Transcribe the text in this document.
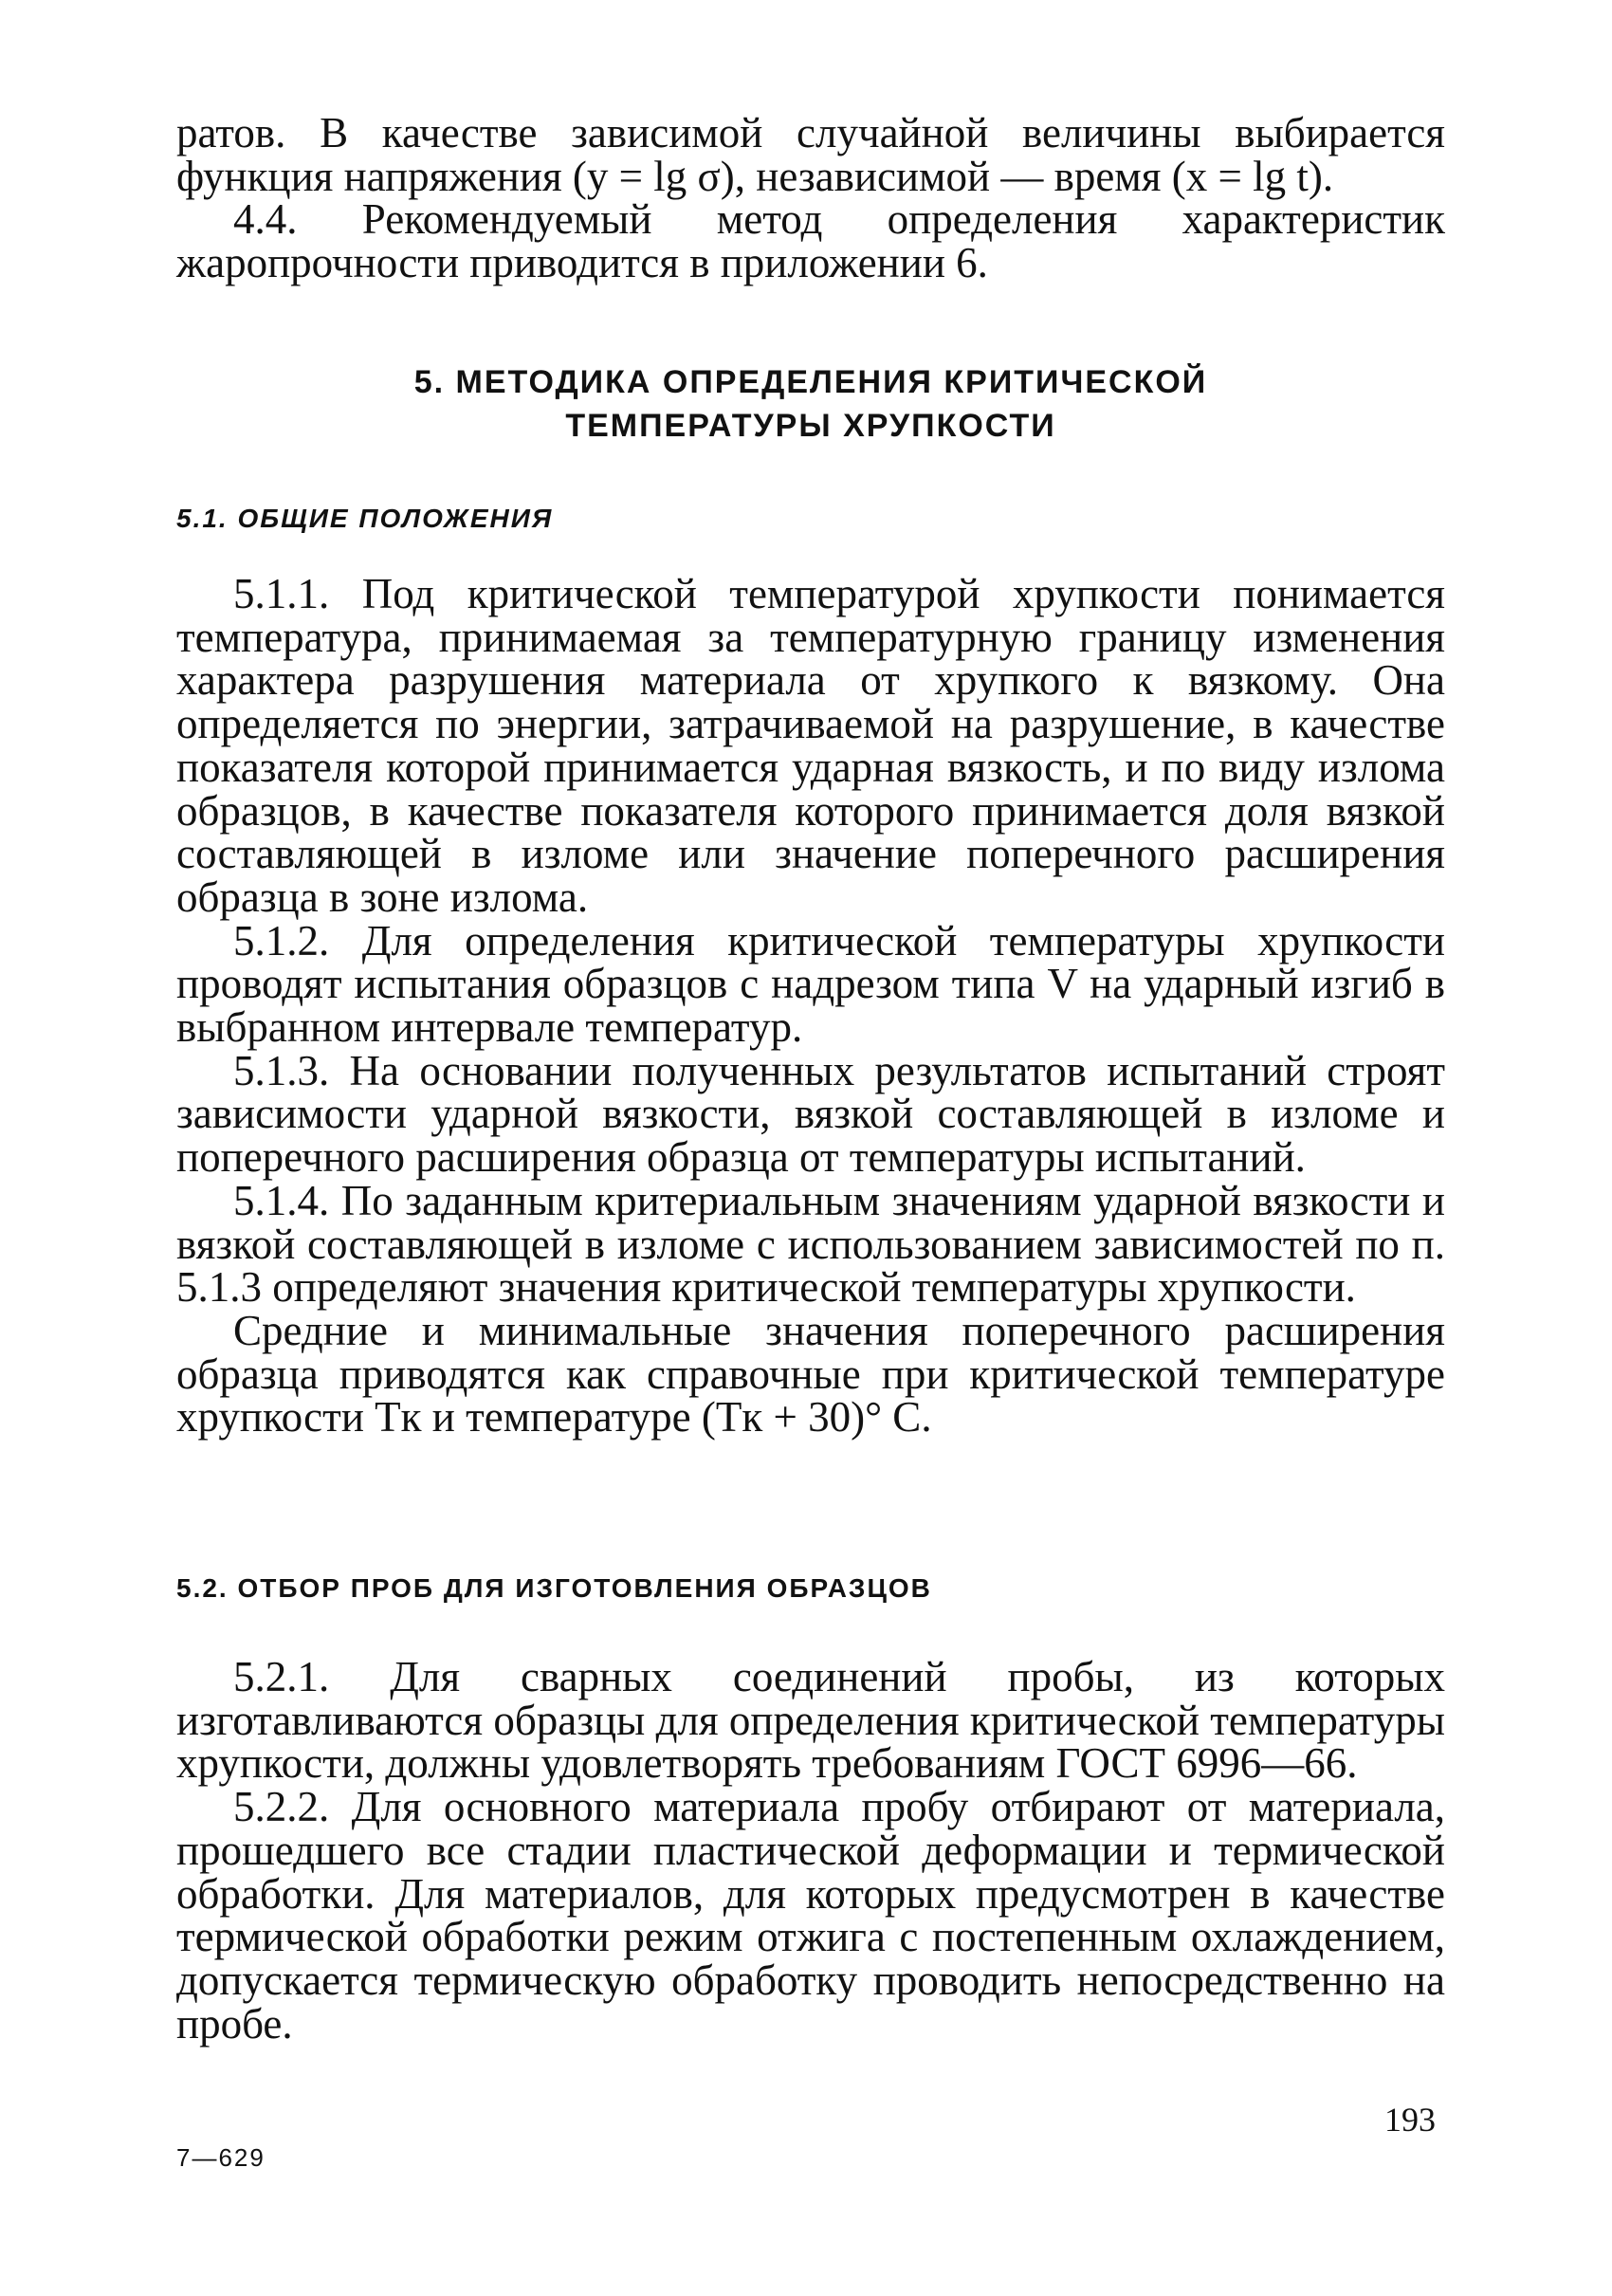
ратов. В качестве зависимой случайной величины выбирается функция напряжения (y = lg σ), независимой — время (x = lg t).

4.4. Рекомендуемый метод определения характеристик жаропрочности приводится в приложении 6.

5. МЕТОДИКА ОПРЕДЕЛЕНИЯ КРИТИЧЕСКОЙ

ТЕМПЕРАТУРЫ ХРУПКОСТИ

5.1. ОБЩИЕ ПОЛОЖЕНИЯ

5.1.1. Под критической температурой хрупкости понимается температура, принимаемая за температурную границу изменения характера разрушения материала от хрупкого к вязкому. Она определяется по энергии, затрачиваемой на разрушение, в качестве показателя которой принимается ударная вязкость, и по виду излома образцов, в качестве показателя которого принимается доля вязкой составляющей в изломе или значение поперечного расширения образца в зоне излома.

5.1.2. Для определения критической температуры хрупкости проводят испытания образцов с надрезом типа V на ударный изгиб в выбранном интервале температур.

5.1.3. На основании полученных результатов испытаний строят зависимости ударной вязкости, вязкой составляющей в изломе и поперечного расширения образца от температуры испытаний.

5.1.4. По заданным критериальным значениям ударной вязкости и вязкой составляющей в изломе с использованием зависимостей по п. 5.1.3 определяют значения критической температуры хрупкости.

Средние и минимальные значения поперечного расширения образца приводятся как справочные при критической температуре хрупкости Tк и температуре (Tк + 30)° С.

5.2. ОТБОР ПРОБ ДЛЯ ИЗГОТОВЛЕНИЯ ОБРАЗЦОВ

5.2.1. Для сварных соединений пробы, из которых изготавливаются образцы для определения критической температуры хрупкости, должны удовлетворять требованиям ГОСТ 6996—66.

5.2.2. Для основного материала пробу отбирают от материала, прошедшего все стадии пластической деформации и термической обработки. Для материалов, для которых предусмотрен в качестве термической обработки режим отжига с постепенным охлаждением, допускается термическую обработку проводить непосредственно на пробе.

193
7—629
